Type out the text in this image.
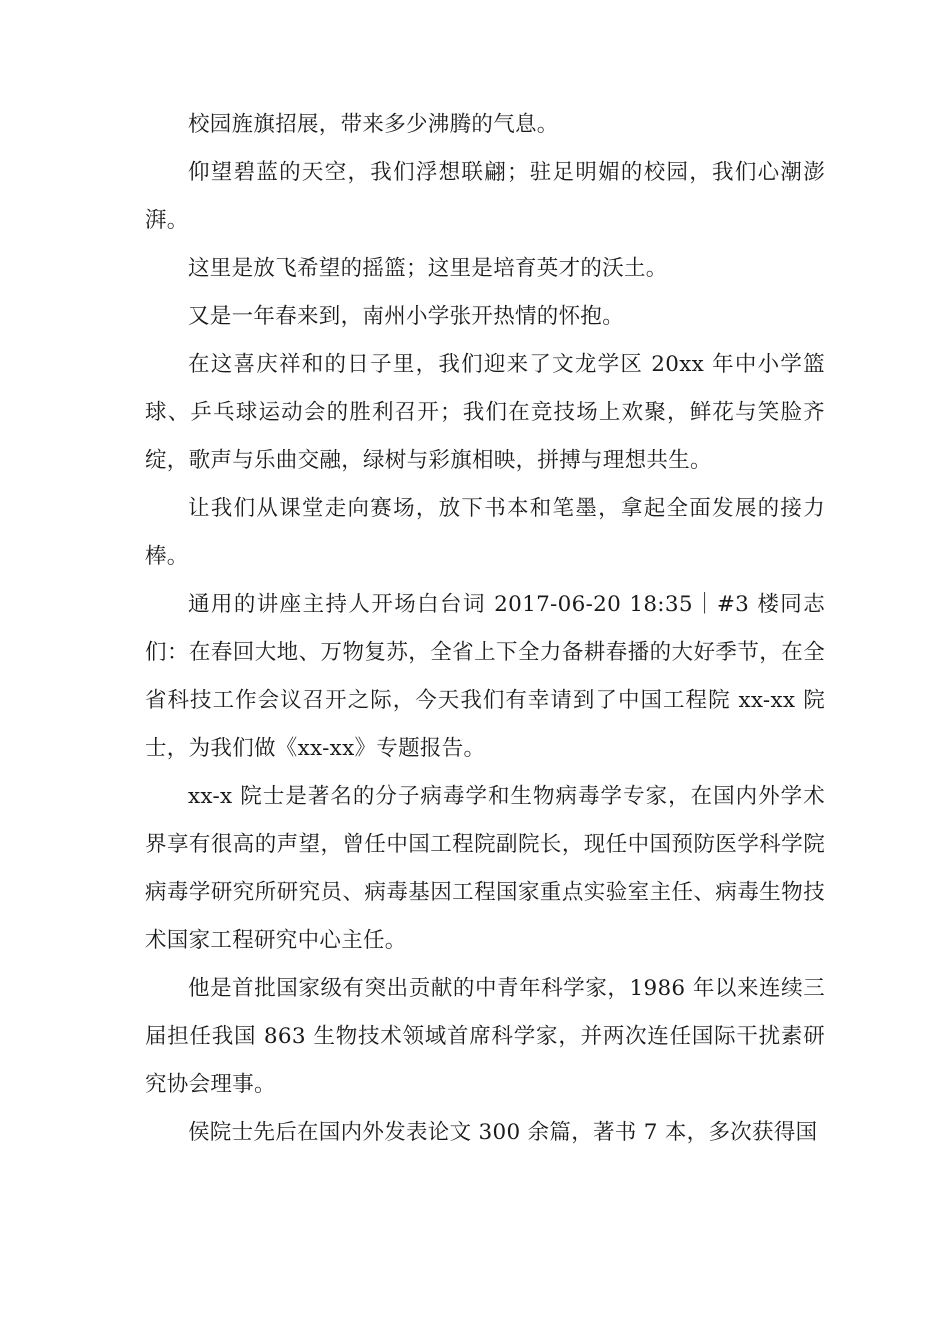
校园旌旗招展，带来多少沸腾的气息。

仰望碧蓝的天空，我们浮想联翩；驻足明媚的校园，我们心潮澎湃。

这里是放飞希望的摇篮；这里是培育英才的沃土。

又是一年春来到，南州小学张开热情的怀抱。

在这喜庆祥和的日子里，我们迎来了文龙学区 20xx 年中小学篮球、乒乓球运动会的胜利召开；我们在竞技场上欢聚，鲜花与笑脸齐绽，歌声与乐曲交融，绿树与彩旗相映，拼搏与理想共生。

让我们从课堂走向赛场，放下书本和笔墨，拿起全面发展的接力棒。

通用的讲座主持人开场白台词 2017-06-20 18:35｜#3 楼同志们：在春回大地、万物复苏，全省上下全力备耕春播的大好季节，在全省科技工作会议召开之际，今天我们有幸请到了中国工程院 xx-xx 院士，为我们做《xx-xx》专题报告。

xx-x 院士是著名的分子病毒学和生物病毒学专家，在国内外学术界享有很高的声望，曾任中国工程院副院长，现任中国预防医学科学院病毒学研究所研究员、病毒基因工程国家重点实验室主任、病毒生物技术国家工程研究中心主任。

他是首批国家级有突出贡献的中青年科学家，1986 年以来连续三届担任我国 863 生物技术领域首席科学家，并两次连任国际干扰素研究协会理事。

侯院士先后在国内外发表论文 300 余篇，著书 7 本，多次获得国
